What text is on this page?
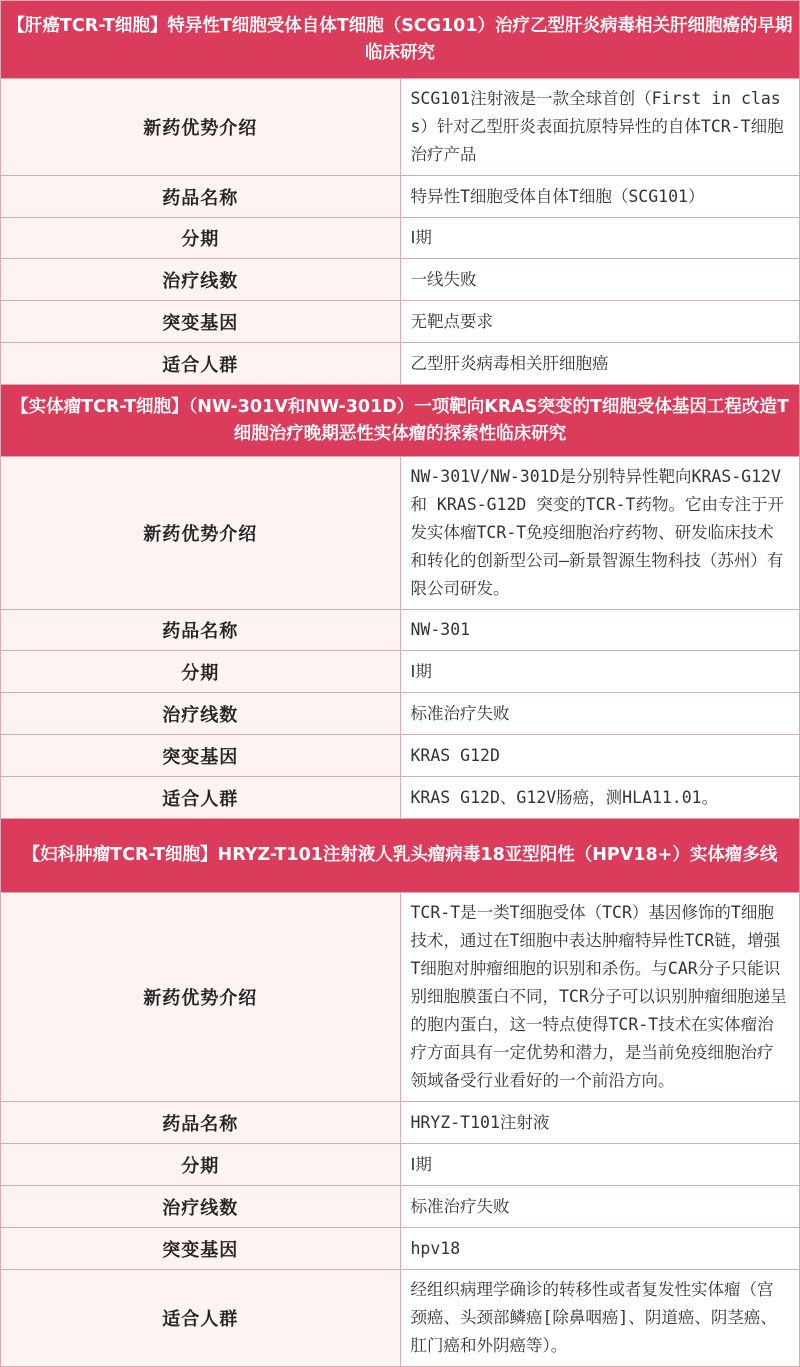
【肝癌TCR-T细胞】特异性T细胞受体自体T细胞（SCG101）治疗乙型肝炎病毒相关肝细胞癌的早期临床研究	
新药优势介绍	SCG101注射液是一款全球首创（First in class）针对乙型肝炎表面抗原特异性的自体TCR-T细胞治疗产品
药品名称	特异性T细胞受体自体T细胞（SCG101）
分期	Ⅰ期
治疗线数	一线失败
突变基因	无靶点要求
适合人群	乙型肝炎病毒相关肝细胞癌
【实体瘤TCR-T细胞】（NW-301V和NW-301D）一项靶向KRAS突变的T细胞受体基因工程改造T细胞治疗晚期恶性实体瘤的探索性临床研究	
新药优势介绍	NW-301V/NW-301D是分别特异性靶向KRAS-G12V 和 KRAS-G12D 突变的TCR-T药物。它由专注于开发实体瘤TCR-T免疫细胞治疗药物、研发临床技术和转化的创新型公司—新景智源生物科技（苏州）有限公司研发。
药品名称	NW-301
分期	Ⅰ期
治疗线数	标准治疗失败
突变基因	KRAS G12D
适合人群	KRAS G12D、G12V肠癌，测HLA11.01。
【妇科肿瘤TCR-T细胞】HRYZ-T101注射液人乳头瘤病毒18亚型阳性（HPV18+）实体瘤多线	
新药优势介绍	TCR-T是一类T细胞受体（TCR）基因修饰的T细胞技术，通过在T细胞中表达肿瘤特异性TCR链，增强T细胞对肿瘤细胞的识别和杀伤。与CAR分子只能识别细胞膜蛋白不同，TCR分子可以识别肿瘤细胞递呈的胞内蛋白，这一特点使得TCR-T技术在实体瘤治疗方面具有一定优势和潜力，是当前免疫细胞治疗领域备受行业看好的一个前沿方向。
药品名称	HRYZ-T101注射液
分期	Ⅰ期
治疗线数	标准治疗失败
突变基因	hpv18
适合人群	经组织病理学确诊的转移性或者复发性实体瘤（宫颈癌、头颈部鳞癌[除鼻咽癌]、阴道癌、阴茎癌、肛门癌和外阴癌等）。
